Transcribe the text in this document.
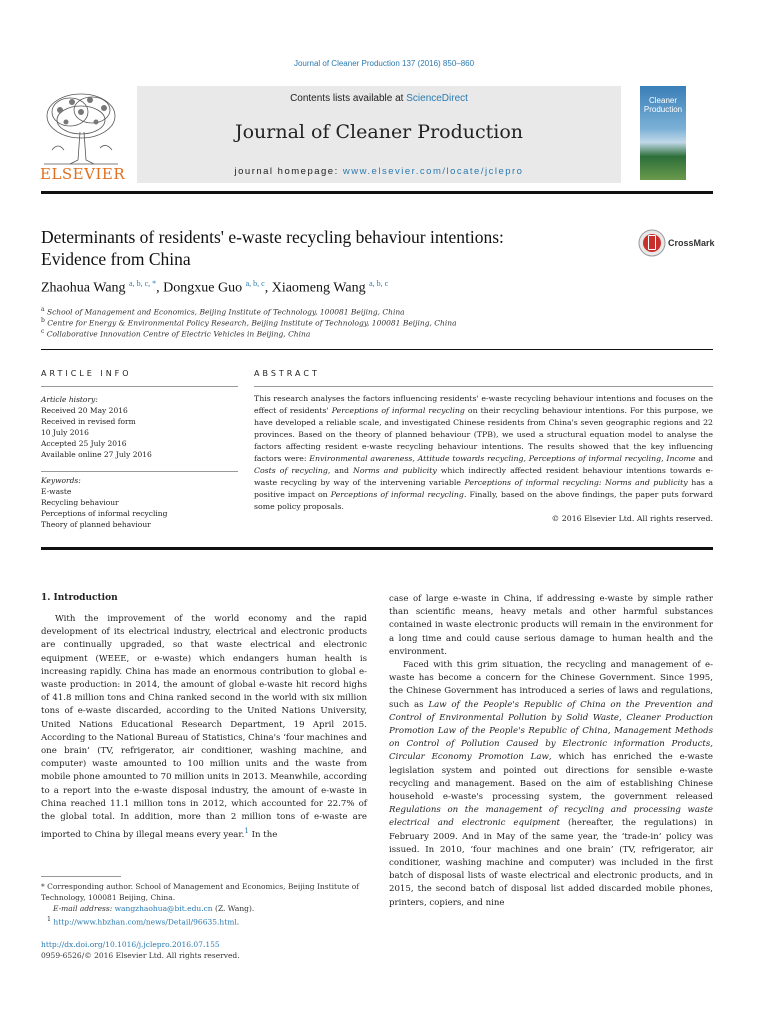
Journal of Cleaner Production 137 (2016) 850–860
ELSEVIER
Contents lists available at ScienceDirect
Journal of Cleaner Production
journal homepage: www.elsevier.com/locate/jclepro
Cleaner
Production
Determinants of residents' e-waste recycling behaviour intentions:
Evidence from China
CrossMark
Zhaohua Wang $^{a, b, c, *}$, Dongxue Guo $^{a, b, c}$, Xiaomeng Wang $^{a, b, c}$
$^a$ School of Management and Economics, Beijing Institute of Technology, 100081 Beijing, China
$^b$ Centre for Energy & Environmental Policy Research, Beijing Institute of Technology, 100081 Beijing, China
$^c$ Collaborative Innovation Centre of Electric Vehicles in Beijing, China
ARTICLE INFO	ABSTRACT
Article history:
Received 20 May 2016
Received in revised form
10 July 2016
Accepted 25 July 2016
Available online 27 July 2016
Keywords:
E-waste
Recycling behaviour
Perceptions of informal recycling
Theory of planned behaviour
This research analyses the factors influencing residents' e-waste recycling behaviour intentions and focuses on the effect of residents' Perceptions of informal recycling on their recycling behaviour intentions. For this purpose, we have developed a reliable scale, and investigated Chinese residents from China's seven geographic regions and 22 provinces. Based on the theory of planned behaviour (TPB), we used a structural equation model to analyse the factors affecting resident e-waste recycling behaviour intentions. The results showed that the key influencing factors were: Environmental awareness, Attitude towards recycling, Perceptions of informal recycling, Income and Costs of recycling, and Norms and publicity which indirectly affected resident behaviour intentions towards e-waste recycling by way of the intervening variable Perceptions of informal recycling: Norms and publicity has a positive impact on Perceptions of informal recycling. Finally, based on the above findings, the paper puts forward some policy proposals.
© 2016 Elsevier Ltd. All rights reserved.
1. Introduction

With the improvement of the world economy and the rapid development of its electrical industry, electrical and electronic products are continually upgraded, so that waste electrical and electronic equipment (WEEE, or e-waste) which endangers human health is increasing rapidly. China has made an enormous contribution to global e-waste production: in 2014, the amount of global e-waste hit record highs of 41.8 million tons and China ranked second in the world with six million tons of e-waste discarded, according to the United Nations University, United Nations Educational Research Department, 19 April 2015. According to the National Bureau of Statistics, China's ‘four machines and one brain’ (TV, refrigerator, air conditioner, washing machine, and computer) waste amounted to 100 million units and the waste from mobile phone amounted to 70 million units in 2013. Meanwhile, according to a report into the e-waste disposal industry, the amount of e-waste in China reached 11.1 million tons in 2012, which accounted for 22.7% of the global total. In addition, more than 2 million tons of e-waste are imported to China by illegal means every year.$^1$ In the

case of large e-waste in China, if addressing e-waste by simple rather than scientific means, heavy metals and other harmful substances contained in waste electronic products will remain in the environment for a long time and could cause serious damage to human health and the environment.

Faced with this grim situation, the recycling and management of e-waste has become a concern for the Chinese Government. Since 1995, the Chinese Government has introduced a series of laws and regulations, such as Law of the People's Republic of China on the Prevention and Control of Environmental Pollution by Solid Waste, Cleaner Production Promotion Law of the People's Republic of China, Management Methods on Control of Pollution Caused by Electronic information Products, Circular Economy Promotion Law, which has enriched the e-waste legislation system and pointed out directions for sensible e-waste recycling and management. Based on the aim of establishing Chinese household e-waste's processing system, the government released Regulations on the management of recycling and processing waste electrical and electronic equipment (hereafter, the regulations) in February 2009. And in May of the same year, the ‘trade-in’ policy was issued. In 2010, ‘four machines and one brain’ (TV, refrigerator, air conditioner, washing machine and computer) was included in the first batch of disposal lists of waste electrical and electronic products, and in 2015, the second batch of disposal list added discarded mobile phones, printers, copiers, and nine

* Corresponding author. School of Management and Economics, Beijing Institute of Technology, 100081 Beijing, China.

E-mail address: wangzhaohua@bit.edu.cn (Z. Wang).

$^1$ http://www.hbzhan.com/news/Detail/96635.html.

http://dx.doi.org/10.1016/j.jclepro.2016.07.155
0959-6526/© 2016 Elsevier Ltd. All rights reserved.
